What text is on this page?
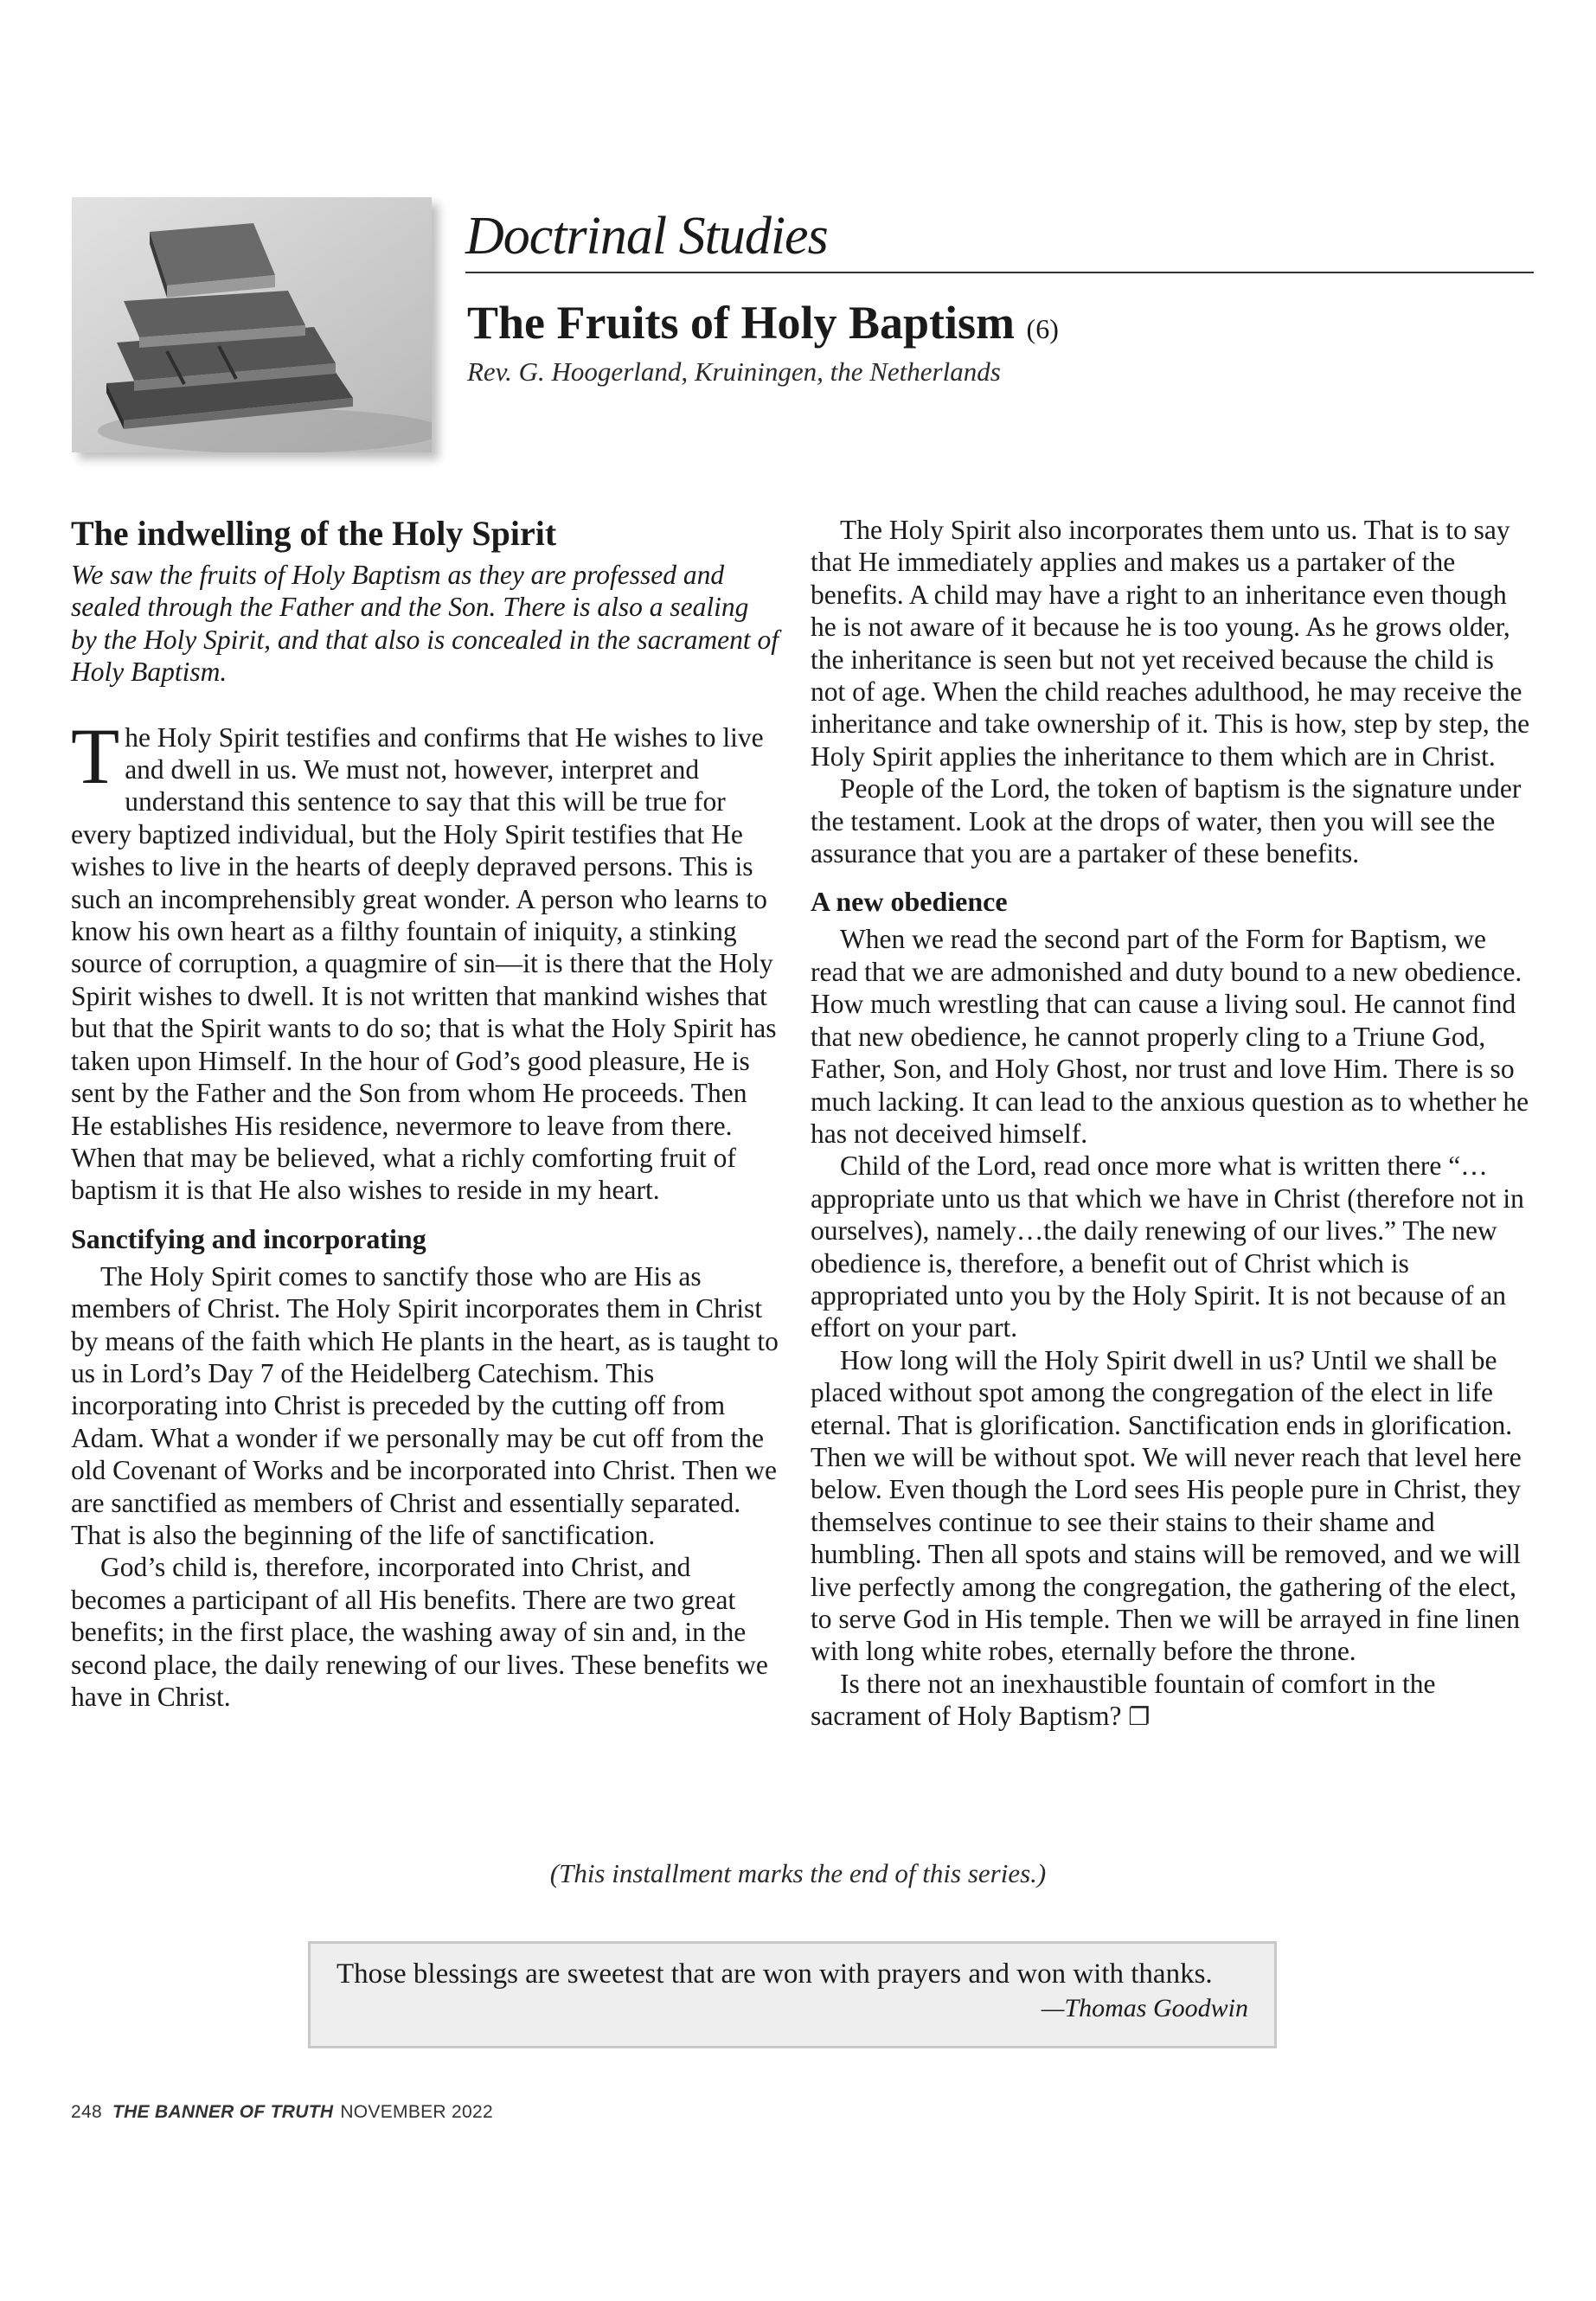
Doctrinal Studies
The Fruits of Holy Baptism (6)
Rev. G. Hoogerland, Kruiningen, the Netherlands
The indwelling of the Holy Spirit
We saw the fruits of Holy Baptism as they are professed and sealed through the Father and the Son. There is also a sealing by the Holy Spirit, and that also is concealed in the sacrament of Holy Baptism.

The Holy Spirit testifies and confirms that He wishes to live and dwell in us. We must not, however, interpret and understand this sentence to say that this will be true for every baptized individual, but the Holy Spirit testifies that He wishes to live in the hearts of deeply depraved persons. This is such an incomprehensibly great wonder. A person who learns to know his own heart as a filthy fountain of iniquity, a stinking source of corruption, a quagmire of sin—it is there that the Holy Spirit wishes to dwell. It is not written that mankind wishes that but that the Spirit wants to do so; that is what the Holy Spirit has taken upon Himself. In the hour of God’s good pleasure, He is sent by the Father and the Son from whom He proceeds. Then He establishes His residence, nevermore to leave from there. When that may be believed, what a richly comforting fruit of baptism it is that He also wishes to reside in my heart.

Sanctifying and incorporating

The Holy Spirit comes to sanctify those who are His as members of Christ. The Holy Spirit incorporates them in Christ by means of the faith which He plants in the heart, as is taught to us in Lord’s Day 7 of the Heidelberg Catechism. This incorporating into Christ is preceded by the cutting off from Adam. What a wonder if we personally may be cut off from the old Covenant of Works and be incorporated into Christ. Then we are sanctified as members of Christ and essentially separated. That is also the beginning of the life of sanctification.

God’s child is, therefore, incorporated into Christ, and becomes a participant of all His benefits. There are two great benefits; in the first place, the washing away of sin and, in the second place, the daily renewing of our lives. These benefits we have in Christ.

The Holy Spirit also incorporates them unto us. That is to say that He immediately applies and makes us a partaker of the benefits. A child may have a right to an inheritance even though he is not aware of it because he is too young. As he grows older, the inheritance is seen but not yet received because the child is not of age. When the child reaches adulthood, he may receive the inheritance and take ownership of it. This is how, step by step, the Holy Spirit applies the inheritance to them which are in Christ.

People of the Lord, the token of baptism is the signature under the testament. Look at the drops of water, then you will see the assurance that you are a partaker of these benefits.

A new obedience

When we read the second part of the Form for Baptism, we read that we are admonished and duty bound to a new obedience. How much wrestling that can cause a living soul. He cannot find that new obedience, he cannot properly cling to a Triune God, Father, Son, and Holy Ghost, nor trust and love Him. There is so much lacking. It can lead to the anxious question as to whether he has not deceived himself.

Child of the Lord, read once more what is written there “…appropriate unto us that which we have in Christ (therefore not in ourselves), namely…the daily renewing of our lives.” The new obedience is, therefore, a benefit out of Christ which is appropriated unto you by the Holy Spirit. It is not because of an effort on your part.

How long will the Holy Spirit dwell in us? Until we shall be placed without spot among the congregation of the elect in life eternal. That is glorification. Sanctification ends in glorification. Then we will be without spot. We will never reach that level here below. Even though the Lord sees His people pure in Christ, they themselves continue to see their stains to their shame and humbling. Then all spots and stains will be removed, and we will live perfectly among the congregation, the gathering of the elect, to serve God in His temple. Then we will be arrayed in fine linen with long white robes, eternally before the throne.

Is there not an inexhaustible fountain of comfort in the sacrament of Holy Baptism? ❐

(This installment marks the end of this series.)

Those blessings are sweetest that are won with prayers and won with thanks.

—Thomas Goodwin

248 THE BANNER OF TRUTH NOVEMBER 2022
